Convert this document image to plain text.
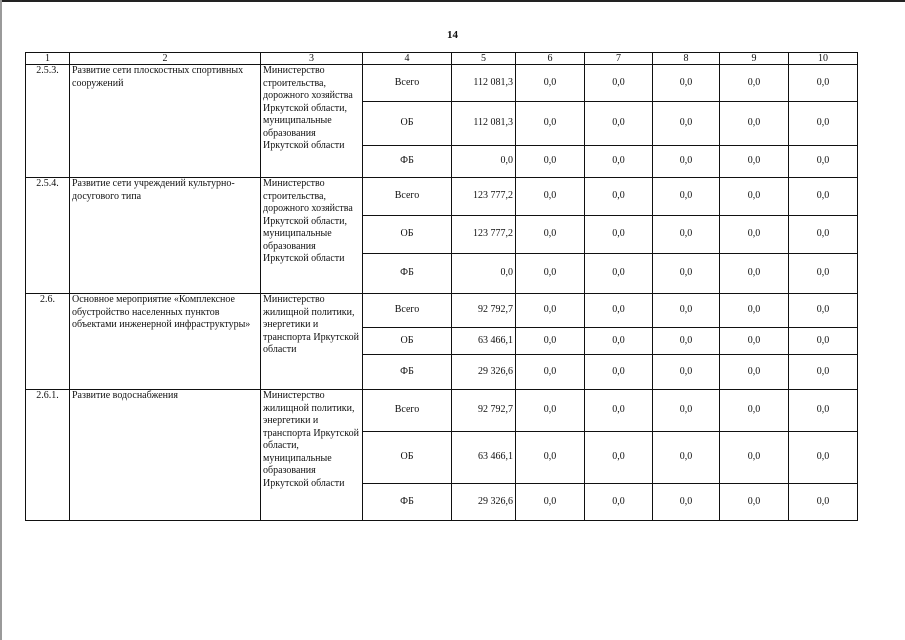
14
1	2	3	4	5	6	7	8	9	10
2.5.3.	Развитие сети плоскостных спортивных сооружений	Министерство строительства, дорожного хозяйства Иркутской области, муниципальные образования Иркутской области	Всего	112 081,3	0,0	0,0	0,0	0,0	0,0
			ОБ	112 081,3	0,0	0,0	0,0	0,0	0,0
			ФБ	0,0	0,0	0,0	0,0	0,0	0,0
2.5.4.	Развитие сети учреждений культурно-досугового типа	Министерство строительства, дорожного хозяйства Иркутской области, муниципальные образования Иркутской области	Всего	123 777,2	0,0	0,0	0,0	0,0	0,0
			ОБ	123 777,2	0,0	0,0	0,0	0,0	0,0
			ФБ	0,0	0,0	0,0	0,0	0,0	0,0
2.6.	Основное мероприятие «Комплексное обустройство населенных пунктов объектами инженерной инфраструктуры»	Министерство жилищной политики, энергетики и транспорта Иркутской области	Всего	92 792,7	0,0	0,0	0,0	0,0	0,0
			ОБ	63 466,1	0,0	0,0	0,0	0,0	0,0
			ФБ	29 326,6	0,0	0,0	0,0	0,0	0,0
2.6.1.	Развитие водоснабжения	Министерство жилищной политики, энергетики и транспорта Иркутской области, муниципальные образования Иркутской области	Всего	92 792,7	0,0	0,0	0,0	0,0	0,0
			ОБ	63 466,1	0,0	0,0	0,0	0,0	0,0
			ФБ	29 326,6	0,0	0,0	0,0	0,0	0,0
